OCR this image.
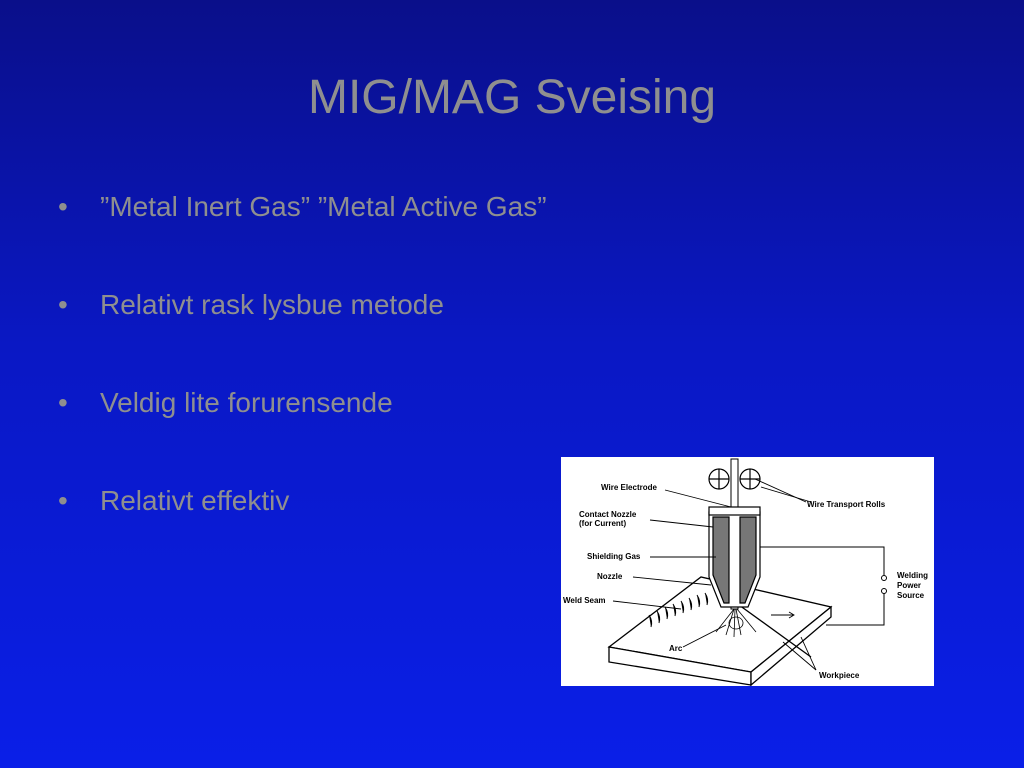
MIG/MAG Sveising
•	”Metal Inert Gas” ”Metal Active Gas”
•	Relativt rask lysbue metode
•	Veldig lite forurensende
•	Relativt effektiv	Wire Electrode
Contact Nozzle
(for Current)
Shielding Gas
Nozzle
Weld Seam
Arc
Wire Transport Rolls
Welding
Power
Source
Workpiece
